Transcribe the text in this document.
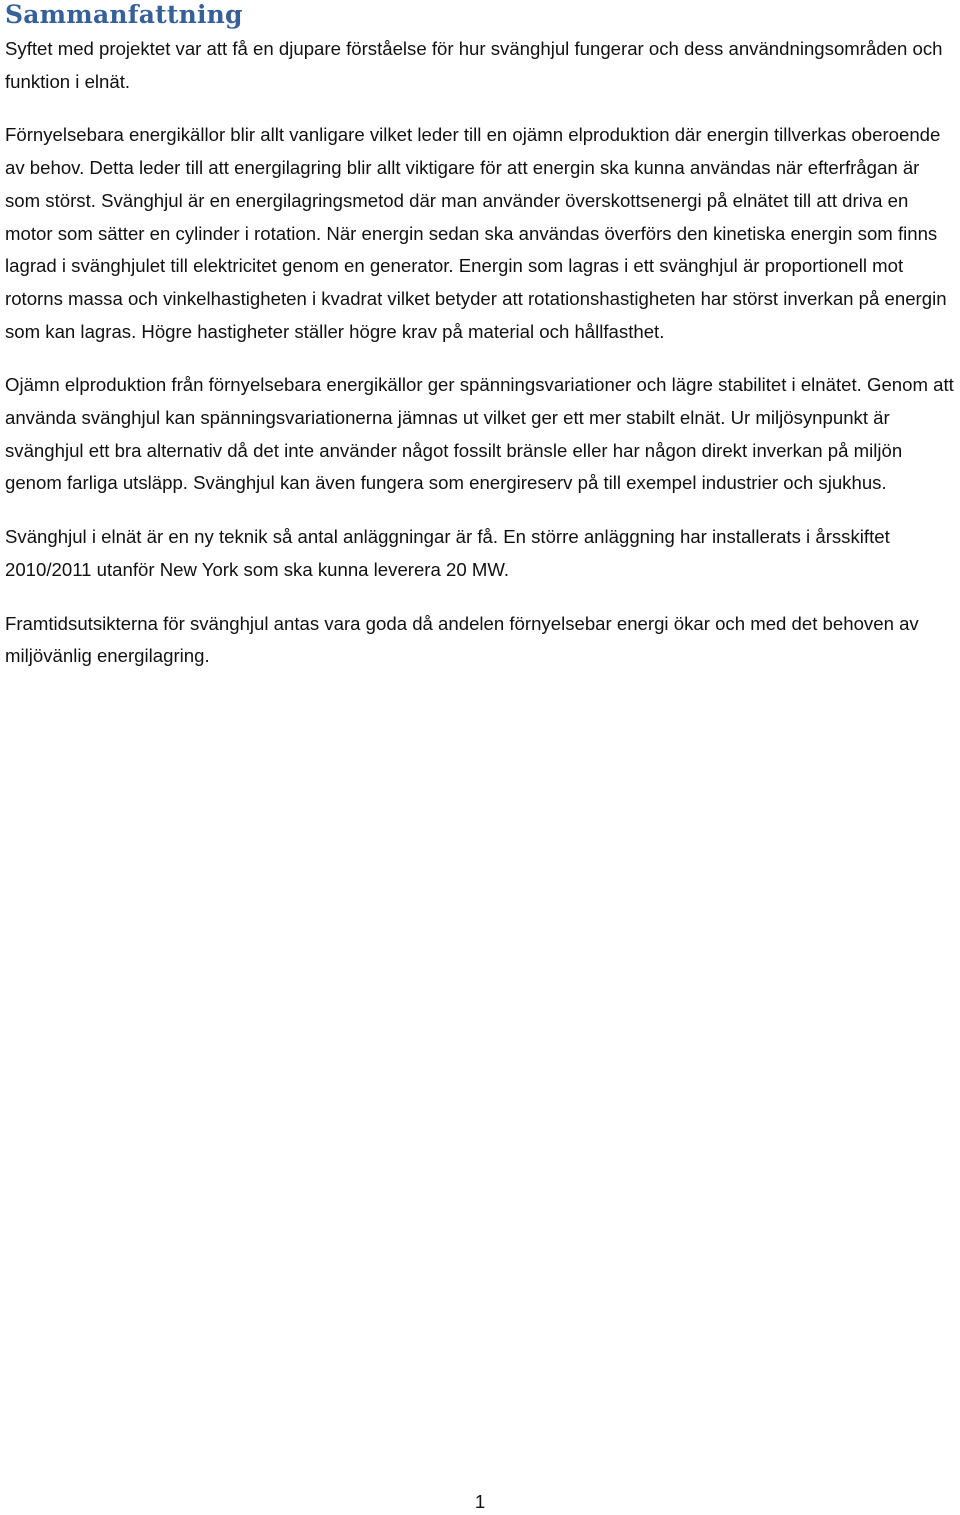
Sammanfattning

Syftet med projektet var att få en djupare förståelse för hur svänghjul fungerar och dess användningsområden och funktion i elnät.

Förnyelsebara energikällor blir allt vanligare vilket leder till en ojämn elproduktion där energin tillverkas oberoende av behov. Detta leder till att energilagring blir allt viktigare för att energin ska kunna användas när efterfrågan är som störst. Svänghjul är en energilagringsmetod där man använder överskottsenergi på elnätet till att driva en motor som sätter en cylinder i rotation. När energin sedan ska användas överförs den kinetiska energin som finns lagrad i svänghjulet till elektricitet genom en generator. Energin som lagras i ett svänghjul är proportionell mot rotorns massa och vinkelhastigheten i kvadrat vilket betyder att rotationshastigheten har störst inverkan på energin som kan lagras. Högre hastigheter ställer högre krav på material och hållfasthet.

Ojämn elproduktion från förnyelsebara energikällor ger spänningsvariationer och lägre stabilitet i elnätet. Genom att använda svänghjul kan spänningsvariationerna jämnas ut vilket ger ett mer stabilt elnät. Ur miljösynpunkt är svänghjul ett bra alternativ då det inte använder något fossilt bränsle eller har någon direkt inverkan på miljön genom farliga utsläpp. Svänghjul kan även fungera som energireserv på till exempel industrier och sjukhus.

Svänghjul i elnät är en ny teknik så antal anläggningar är få. En större anläggning har installerats i årsskiftet 2010/2011 utanför New York som ska kunna leverera 20 MW.

Framtidsutsikterna för svänghjul antas vara goda då andelen förnyelsebar energi ökar och med det behoven av miljövänlig energilagring.

1
